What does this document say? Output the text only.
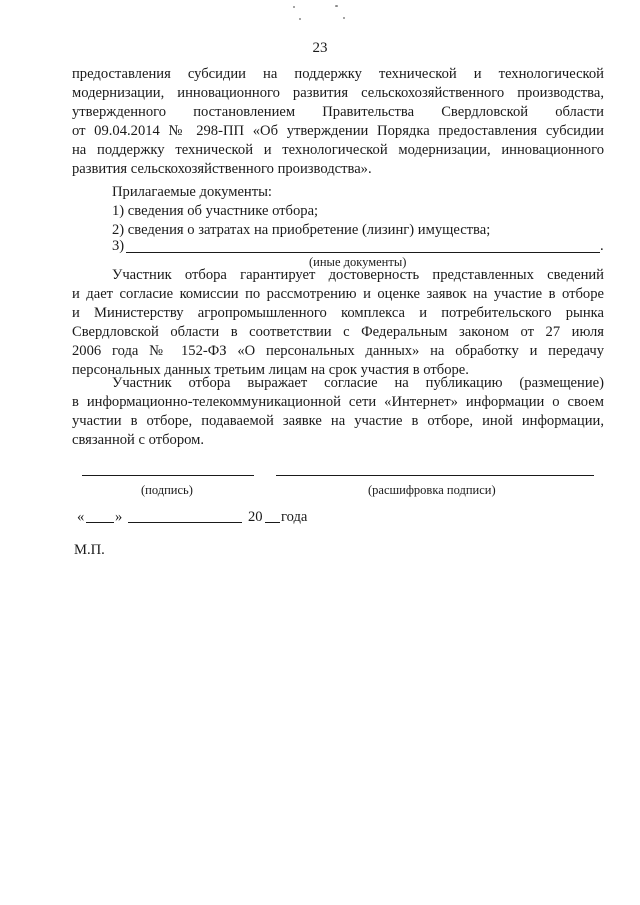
23
предоставления субсидии на поддержку технической и технологической
модернизации, инновационного развития сельскохозяйственного производства,
утвержденного постановлением Правительства Свердловской области
от 09.04.2014 № 298-ПП «Об утверждении Порядка предоставления субсидии
на поддержку технической и технологической модернизации, инновационного
развития сельскохозяйственного производства».
Прилагаемые документы:
1) сведения об участнике отбора;
2) сведения о затратах на приобретение (лизинг) имущества;
3)	.
(иные документы)
Участник отбора гарантирует достоверность представленных сведений
и дает согласие комиссии по рассмотрению и оценке заявок на участие в отборе
и Министерству агропромышленного комплекса и потребительского рынка
Свердловской области в соответствии с Федеральным законом от 27 июля
2006 года № 152-ФЗ «О персональных данных» на обработку и передачу
персональных данных третьим лицам на срок участия в отборе.
Участник отбора выражает согласие на публикацию (размещение)
в информационно-телекоммуникационной сети «Интернет» информации о своем
участии в отборе, подаваемой заявке на участие в отборе, иной информации,
связанной с отбором.
(подпись)	(расшифровка подписи)
« »	20 года
М.П.
